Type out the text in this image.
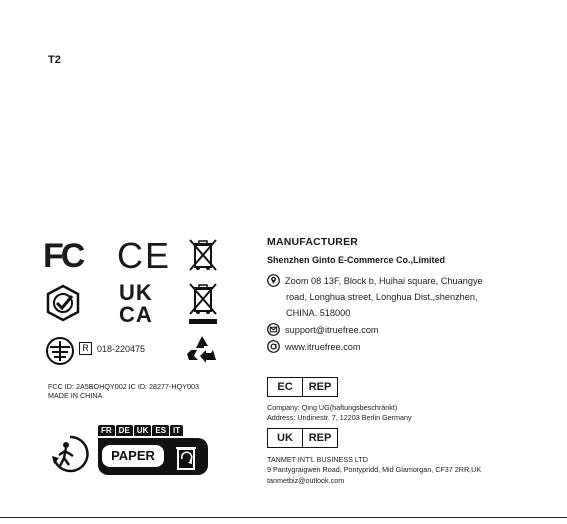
T2
FC CE
UK
CA
R 018-220475
FCC ID: 2A5BOHQY002 IC ID: 28277-HQY003
MADE IN CHINA
FR DE UK ES IT
PAPER
MANUFACTURER
Shenzhen Ginto E-Commerce Co.,Limited
Zoom 08 13F, Block b, Huihai square, Chuangye
road, Longhua street, Longhua Dist.,shenzhen,
CHINA. 518000
support@itruefree.com
www.itruefree.com
EC	REP
Company: Qing UG(haftungsbeschränkt)
Address: Undinestr. 7, 12203 Berlin Germany
UK	REP
TANMET INT'L BUSINESS LTD
9 Pantygraigwen Road, Pontypridd, Mid Glamorgan, CF37 2RR,UK
tanmetbiz@outlook.com
